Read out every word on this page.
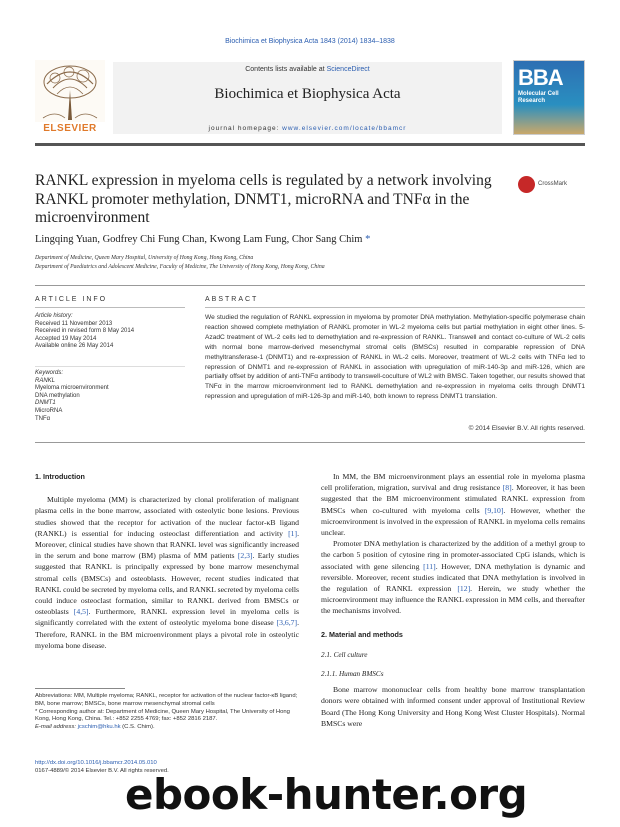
Biochimica et Biophysica Acta 1843 (2014) 1834–1838
ELSEVIER
Contents lists available at ScienceDirect
Biochimica et Biophysica Acta
journal homepage: www.elsevier.com/locate/bbamcr
BBA
Molecular Cell Research
RANKL expression in myeloma cells is regulated by a network involving RANKL promoter methylation, DNMT1, microRNA and TNFα in the microenvironment
CrossMark
Lingqing Yuan, Godfrey Chi Fung Chan, Kwong Lam Fung, Chor Sang Chim *
Department of Medicine, Queen Mary Hospital, University of Hong Kong, Hong Kong, China
Department of Paediatrics and Adolescent Medicine, Faculty of Medicine, The University of Hong Kong, Hong Kong, China
ARTICLE INFO
Article history:
Received 11 November 2013
Received in revised form 8 May 2014
Accepted 19 May 2014
Available online 26 May 2014
Keywords:
RANKL
Myeloma microenvironment
DNA methylation
DNMT1
MicroRNA
TNFα
ABSTRACT
We studied the regulation of RANKL expression in myeloma by promoter DNA methylation. Methylation-specific polymerase chain reaction showed complete methylation of RANKL promoter in WL-2 myeloma cells but partial methylation in eight other lines. 5-AzadC treatment of WL-2 cells led to demethylation and re-expression of RANKL. Transwell and contact co-culture of WL-2 cells with normal bone marrow-derived mesenchymal stromal cells (BMSCs) resulted in comparable repression of DNA methyltransferase-1 (DNMT1) and re-expression of RANKL in WL-2 cells. Moreover, treatment of WL-2 cells with TNFα led to repression of DNMT1 and re-expression of RANKL in association with upregulation of miR-140-3p and miR-126, which are partially offset by addition of anti-TNFα antibody to transwell-coculture of WL2 with BMSC. Taken together, our results showed that TNFα in the marrow microenvironment led to RANKL demethylation and re-expression in myeloma cells through DNMT1 repression and upregulation of miR-126-3p and miR-140, both known to repress DNMT1 translation.
© 2014 Elsevier B.V. All rights reserved.
1. Introduction
Multiple myeloma (MM) is characterized by clonal proliferation of malignant plasma cells in the bone marrow, associated with osteolytic bone lesions. Previous studies showed that the receptor for activation of the nuclear factor-κB ligand (RANKL) is essential for inducing osteoclast differentiation and activity [1]. Moreover, clinical studies have shown that RANKL level was significantly increased in the serum and bone marrow (BM) plasma of MM patients [2,3]. Early studies suggested that RANKL is principally expressed by bone marrow mesenchymal stromal cells (BMSCs) and osteoblasts. However, recent studies indicated that RANKL could be secreted by myeloma cells, and RANKL secreted by myeloma cells could induce osteoclast formation, similar to RANKL derived from BMSCs or osteoblasts [4,5]. Furthermore, RANKL expression level in myeloma cells is significantly correlated with the extent of osteolytic myeloma bone disease [3,6,7]. Therefore, RANKL in the BM microenvironment plays a pivotal role in osteolytic myeloma bone disease.
Abbreviations: MM, Multiple myeloma; RANKL, receptor for activation of the nuclear factor-κB ligand; BM, bone marrow; BMSCs, bone marrow mesenchymal stromal cells
* Corresponding author at: Department of Medicine, Queen Mary Hospital, The University of Hong Kong, Hong Kong, China. Tel.: +852 2255 4769; fax: +852 2816 2187.
E-mail address: jcschim@hku.hk (C.S. Chim).
http://dx.doi.org/10.1016/j.bbamcr.2014.05.010
0167-4889/© 2014 Elsevier B.V. All rights reserved.
In MM, the BM microenvironment plays an essential role in myeloma plasma cell proliferation, migration, survival and drug resistance [8]. Moreover, it has been suggested that the BM microenvironment stimulated RANKL expression from BMSCs when co-cultured with myeloma cells [9,10]. However, whether the microenvironment is involved in the expression of RANKL in myeloma cells remains unclear.
Promoter DNA methylation is characterized by the addition of a methyl group to the carbon 5 position of cytosine ring in promoter-associated CpG islands, which is associated with gene silencing [11]. However, DNA methylation is dynamic and reversible. Moreover, recent studies indicated that DNA methylation is involved in the regulation of RANKL expression [12]. Herein, we study whether the microenvironment may influence the RANKL expression in MM cells, and thereafter the mechanisms involved.
2. Material and methods
2.1. Cell culture
2.1.1. Human BMSCs
Bone marrow mononuclear cells from healthy bone marrow transplantation donors were obtained with informed consent under approval of Institutional Review Board (The Hong Kong University and Hong Kong West Cluster Hospitals). Normal BMSCs were
ebook-hunter.org
